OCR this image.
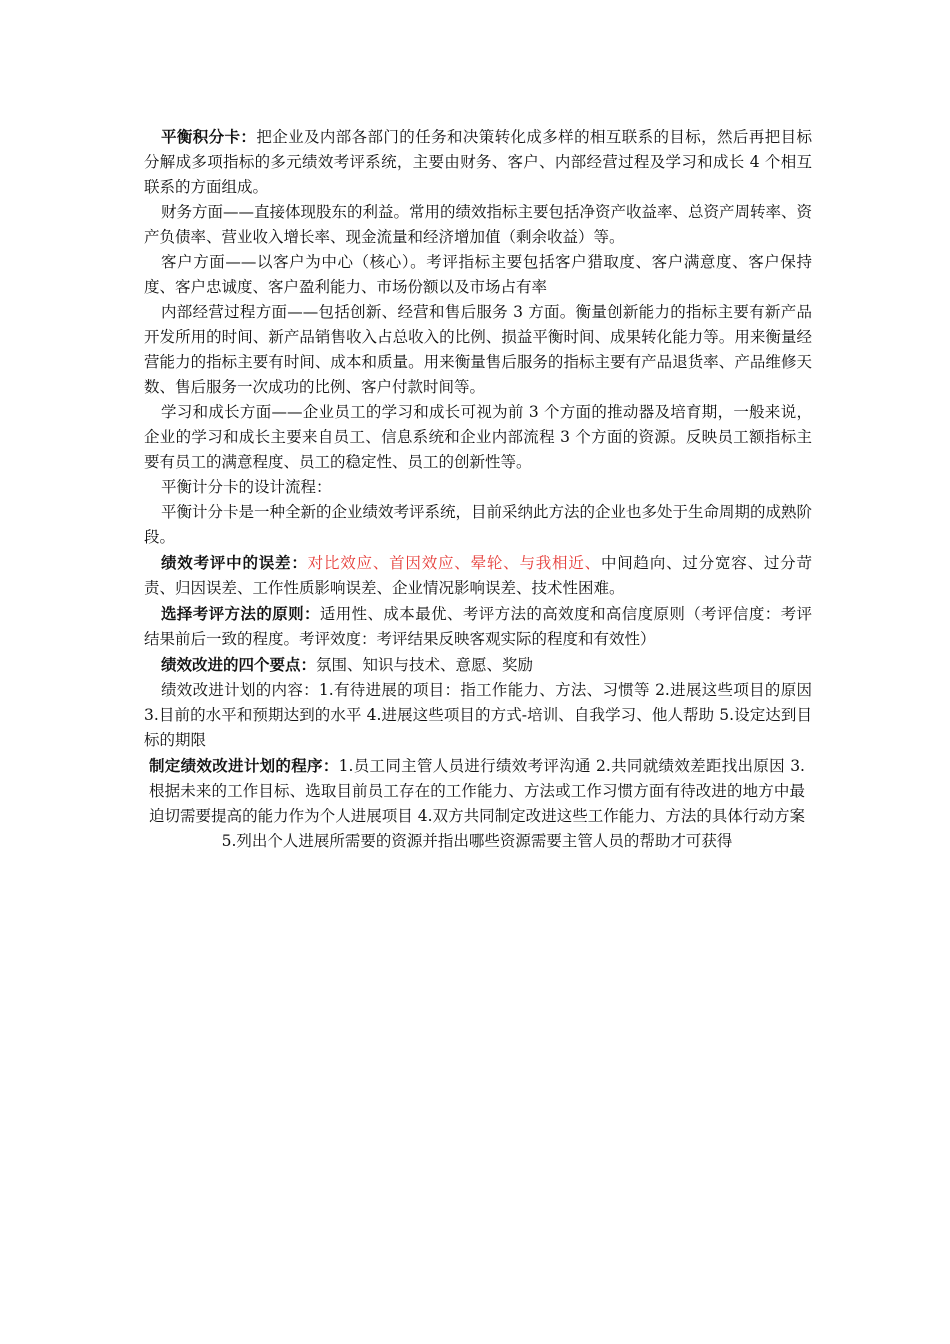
平衡积分卡：把企业及内部各部门的任务和决策转化成多样的相互联系的目标，然后再把目标分解成多项指标的多元绩效考评系统，主要由财务、客户、内部经营过程及学习和成长 4 个相互联系的方面组成。

财务方面——直接体现股东的利益。常用的绩效指标主要包括净资产收益率、总资产周转率、资产负债率、营业收入增长率、现金流量和经济增加值（剩余收益）等。

客户方面——以客户为中心（核心）。考评指标主要包括客户猎取度、客户满意度、客户保持度、客户忠诚度、客户盈利能力、市场份额以及市场占有率

内部经营过程方面——包括创新、经营和售后服务 3 方面。衡量创新能力的指标主要有新产品开发所用的时间、新产品销售收入占总收入的比例、损益平衡时间、成果转化能力等。用来衡量经营能力的指标主要有时间、成本和质量。用来衡量售后服务的指标主要有产品退货率、产品维修天数、售后服务一次成功的比例、客户付款时间等。

学习和成长方面——企业员工的学习和成长可视为前 3 个方面的推动器及培育期，一般来说，企业的学习和成长主要来自员工、信息系统和企业内部流程 3 个方面的资源。反映员工额指标主要有员工的满意程度、员工的稳定性、员工的创新性等。

平衡计分卡的设计流程：

平衡计分卡是一种全新的企业绩效考评系统，目前采纳此方法的企业也多处于生命周期的成熟阶段。

绩效考评中的误差：对比效应、首因效应、晕轮、与我相近、中间趋向、过分宽容、过分苛责、归因误差、工作性质影响误差、企业情况影响误差、技术性困难。

选择考评方法的原则：适用性、成本最优、考评方法的高效度和高信度原则（考评信度：考评结果前后一致的程度。考评效度：考评结果反映客观实际的程度和有效性）

绩效改进的四个要点：氛围、知识与技术、意愿、奖励

绩效改进计划的内容：1.有待进展的项目：指工作能力、方法、习惯等 2.进展这些项目的原因 3.目前的水平和预期达到的水平 4.进展这些项目的方式-培训、自我学习、他人帮助 5.设定达到目标的期限

制定绩效改进计划的程序：1.员工同主管人员进行绩效考评沟通 2.共同就绩效差距找出原因 3.根据未来的工作目标、选取目前员工存在的工作能力、方法或工作习惯方面有待改进的地方中最迫切需要提高的能力作为个人进展项目 4.双方共同制定改进这些工作能力、方法的具体行动方案 5.列出个人进展所需要的资源并指出哪些资源需要主管人员的帮助才可获得
